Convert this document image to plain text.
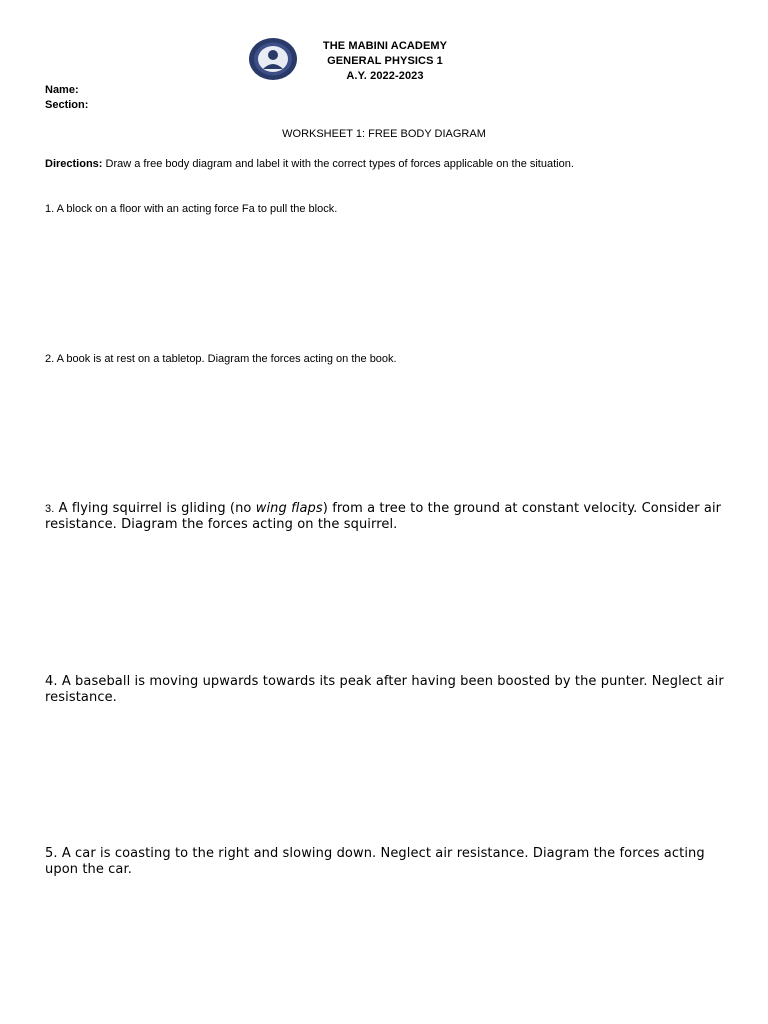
THE MABINI ACADEMY
GENERAL PHYSICS 1
A.Y. 2022-2023
Name:
Section:
WORKSHEET 1: FREE BODY DIAGRAM
Directions: Draw a free body diagram and label it with the correct types of forces applicable on the situation.
1. A block on a floor with an acting force Fa to pull the block.
2. A book is at rest on a tabletop. Diagram the forces acting on the book.
3. A flying squirrel is gliding (no wing flaps) from a tree to the ground at constant velocity. Consider air resistance. Diagram the forces acting on the squirrel.
4. A baseball is moving upwards towards its peak after having been boosted by the punter. Neglect air resistance.
5. A car is coasting to the right and slowing down. Neglect air resistance. Diagram the forces acting upon the car.
